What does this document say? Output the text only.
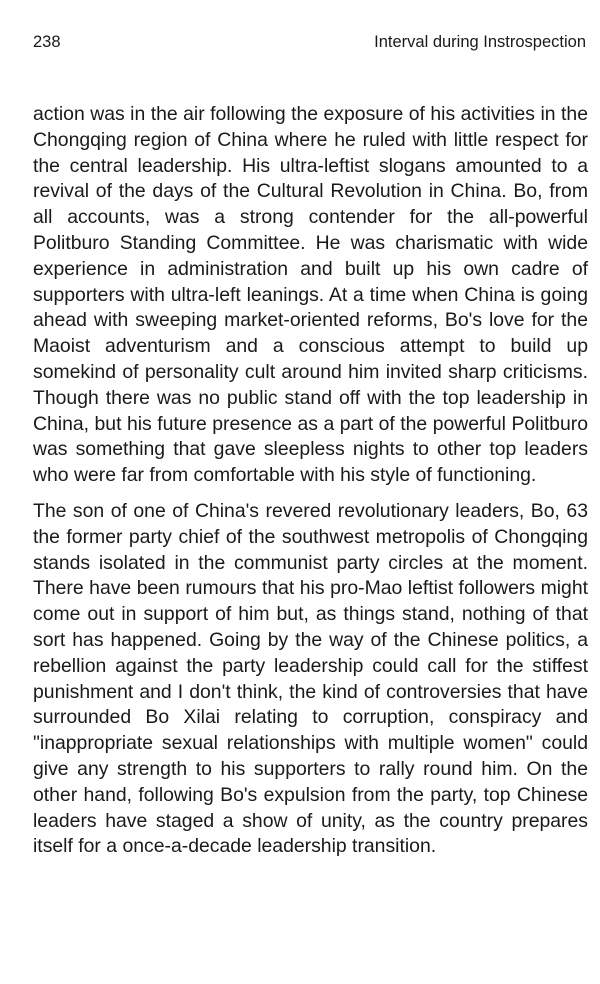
238	Interval during Instrospection

action was in the air following the exposure of his activities in the Chongqing region of China where he ruled with little respect for the central leadership. His ultra-leftist slogans amounted to a revival of the days of the Cultural Revolution in China. Bo, from all accounts, was a strong contender for the all-powerful Politburo Standing Committee. He was charismatic with wide experience in administration and built up his own cadre of supporters with ultra-left leanings. At a time when China is going ahead with sweeping market-oriented reforms, Bo's love for the Maoist adventurism and a conscious attempt to build up somekind of personality cult around him invited sharp criticisms. Though there was no public stand off with the top leadership in China, but his future presence as a part of the powerful Politburo was something that gave sleepless nights to other top leaders who were far from comfortable with his style of functioning.

The son of one of China's revered revolutionary leaders, Bo, 63 the former party chief of the southwest metropolis of Chongqing stands isolated in the communist party circles at the moment. There have been rumours that his pro-Mao leftist followers might come out in support of him but, as things stand, nothing of that sort has happened. Going by the way of the Chinese politics, a rebellion against the party leadership could call for the stiffest punishment and I don't think, the kind of controversies that have surrounded Bo Xilai relating to corruption, conspiracy and "inappropriate sexual relationships with multiple women" could give any strength to his supporters to rally round him. On the other hand, following Bo's expulsion from the party, top Chinese leaders have staged a show of unity, as the country prepares itself for a once-a-decade leadership transition.
